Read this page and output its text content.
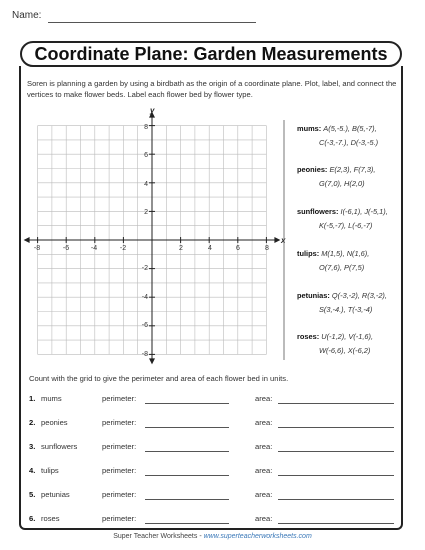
Name:
Coordinate Plane: Garden Measurements
Soren is planning a garden by using a birdbath as the origin of a coordinate plane. Plot, label, and connect the vertices to make flower beds. Label each flower bed by flower type.
-8	-6	-4	-2	2	4	6	8
8
6
4
2
-2
-4
-6
-8
x
y
mums: A(5,-5.), B(5,-7),
C(-3,-7.), D(-3,-5.)
peonies: E(2,3), F(7,3),
G(7,0), H(2,0)
sunflowers: I(-6,1), J(-5,1),
K(-5,-7), L(-6,-7)
tulips: M(1,5), N(1,6),
O(7,6), P(7,5)
petunias: Q(-3,-2), R(3,-2),
S(3,-4.), T(-3,-4)
roses: U(-1,2), V(-1,6),
W(-6,6), X(-6,2)
Count with the grid to give the perimeter and area of each flower bed in units.
1. mums	perimeter:	area:
2. peonies	perimeter:	area:
3. sunflowers	perimeter:	area:
4. tulips	perimeter:	area:
5. petunias	perimeter:	area:
6. roses	perimeter:	area:
Super Teacher Worksheets - www.superteacherworksheets.com
